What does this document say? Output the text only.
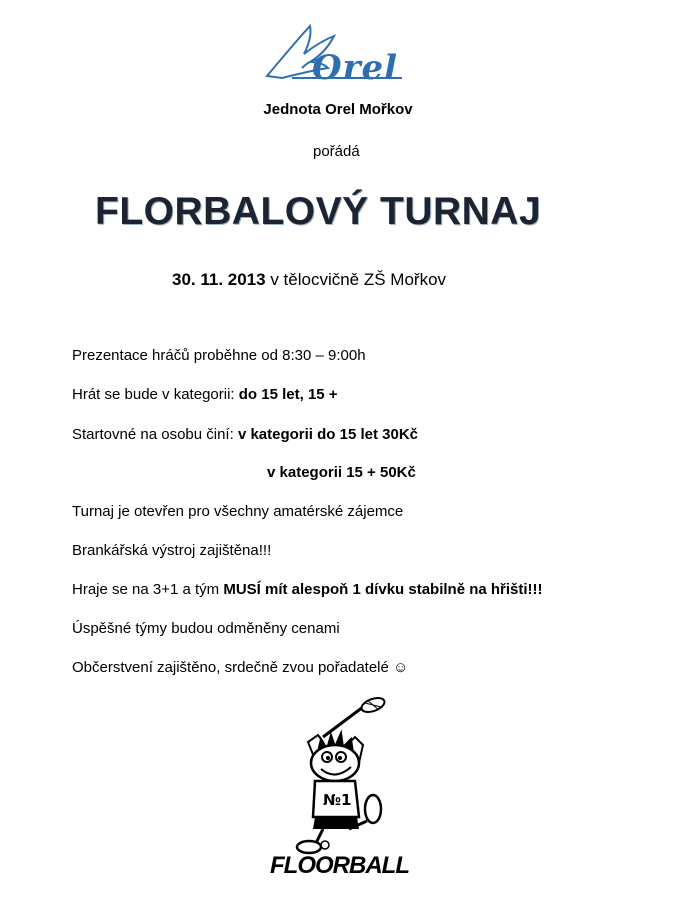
Orel
Jednota Orel Mořkov
pořádá
FLORBALOVÝ TURNAJ
30. 11. 2013 v tělocvičně ZŠ Mořkov
Prezentace hráčů proběhne od 8:30 – 9:00h
Hrát se bude v kategorii: do 15 let, 15 +
Startovné na osobu činí: v kategorii do 15 let 30Kč
v kategorii 15 + 50Kč
Turnaj je otevřen pro všechny amatérské zájemce
Brankářská výstroj zajištěna!!!
Hraje se na 3+1 a tým MUSÍ mít alespoň 1 dívku stabilně na hřišti!!!
Úspěšné týmy budou odměněny cenami
Občerstvení zajištěno, srdečně zvou pořadatelé ☺
№1
FLOORBALL
